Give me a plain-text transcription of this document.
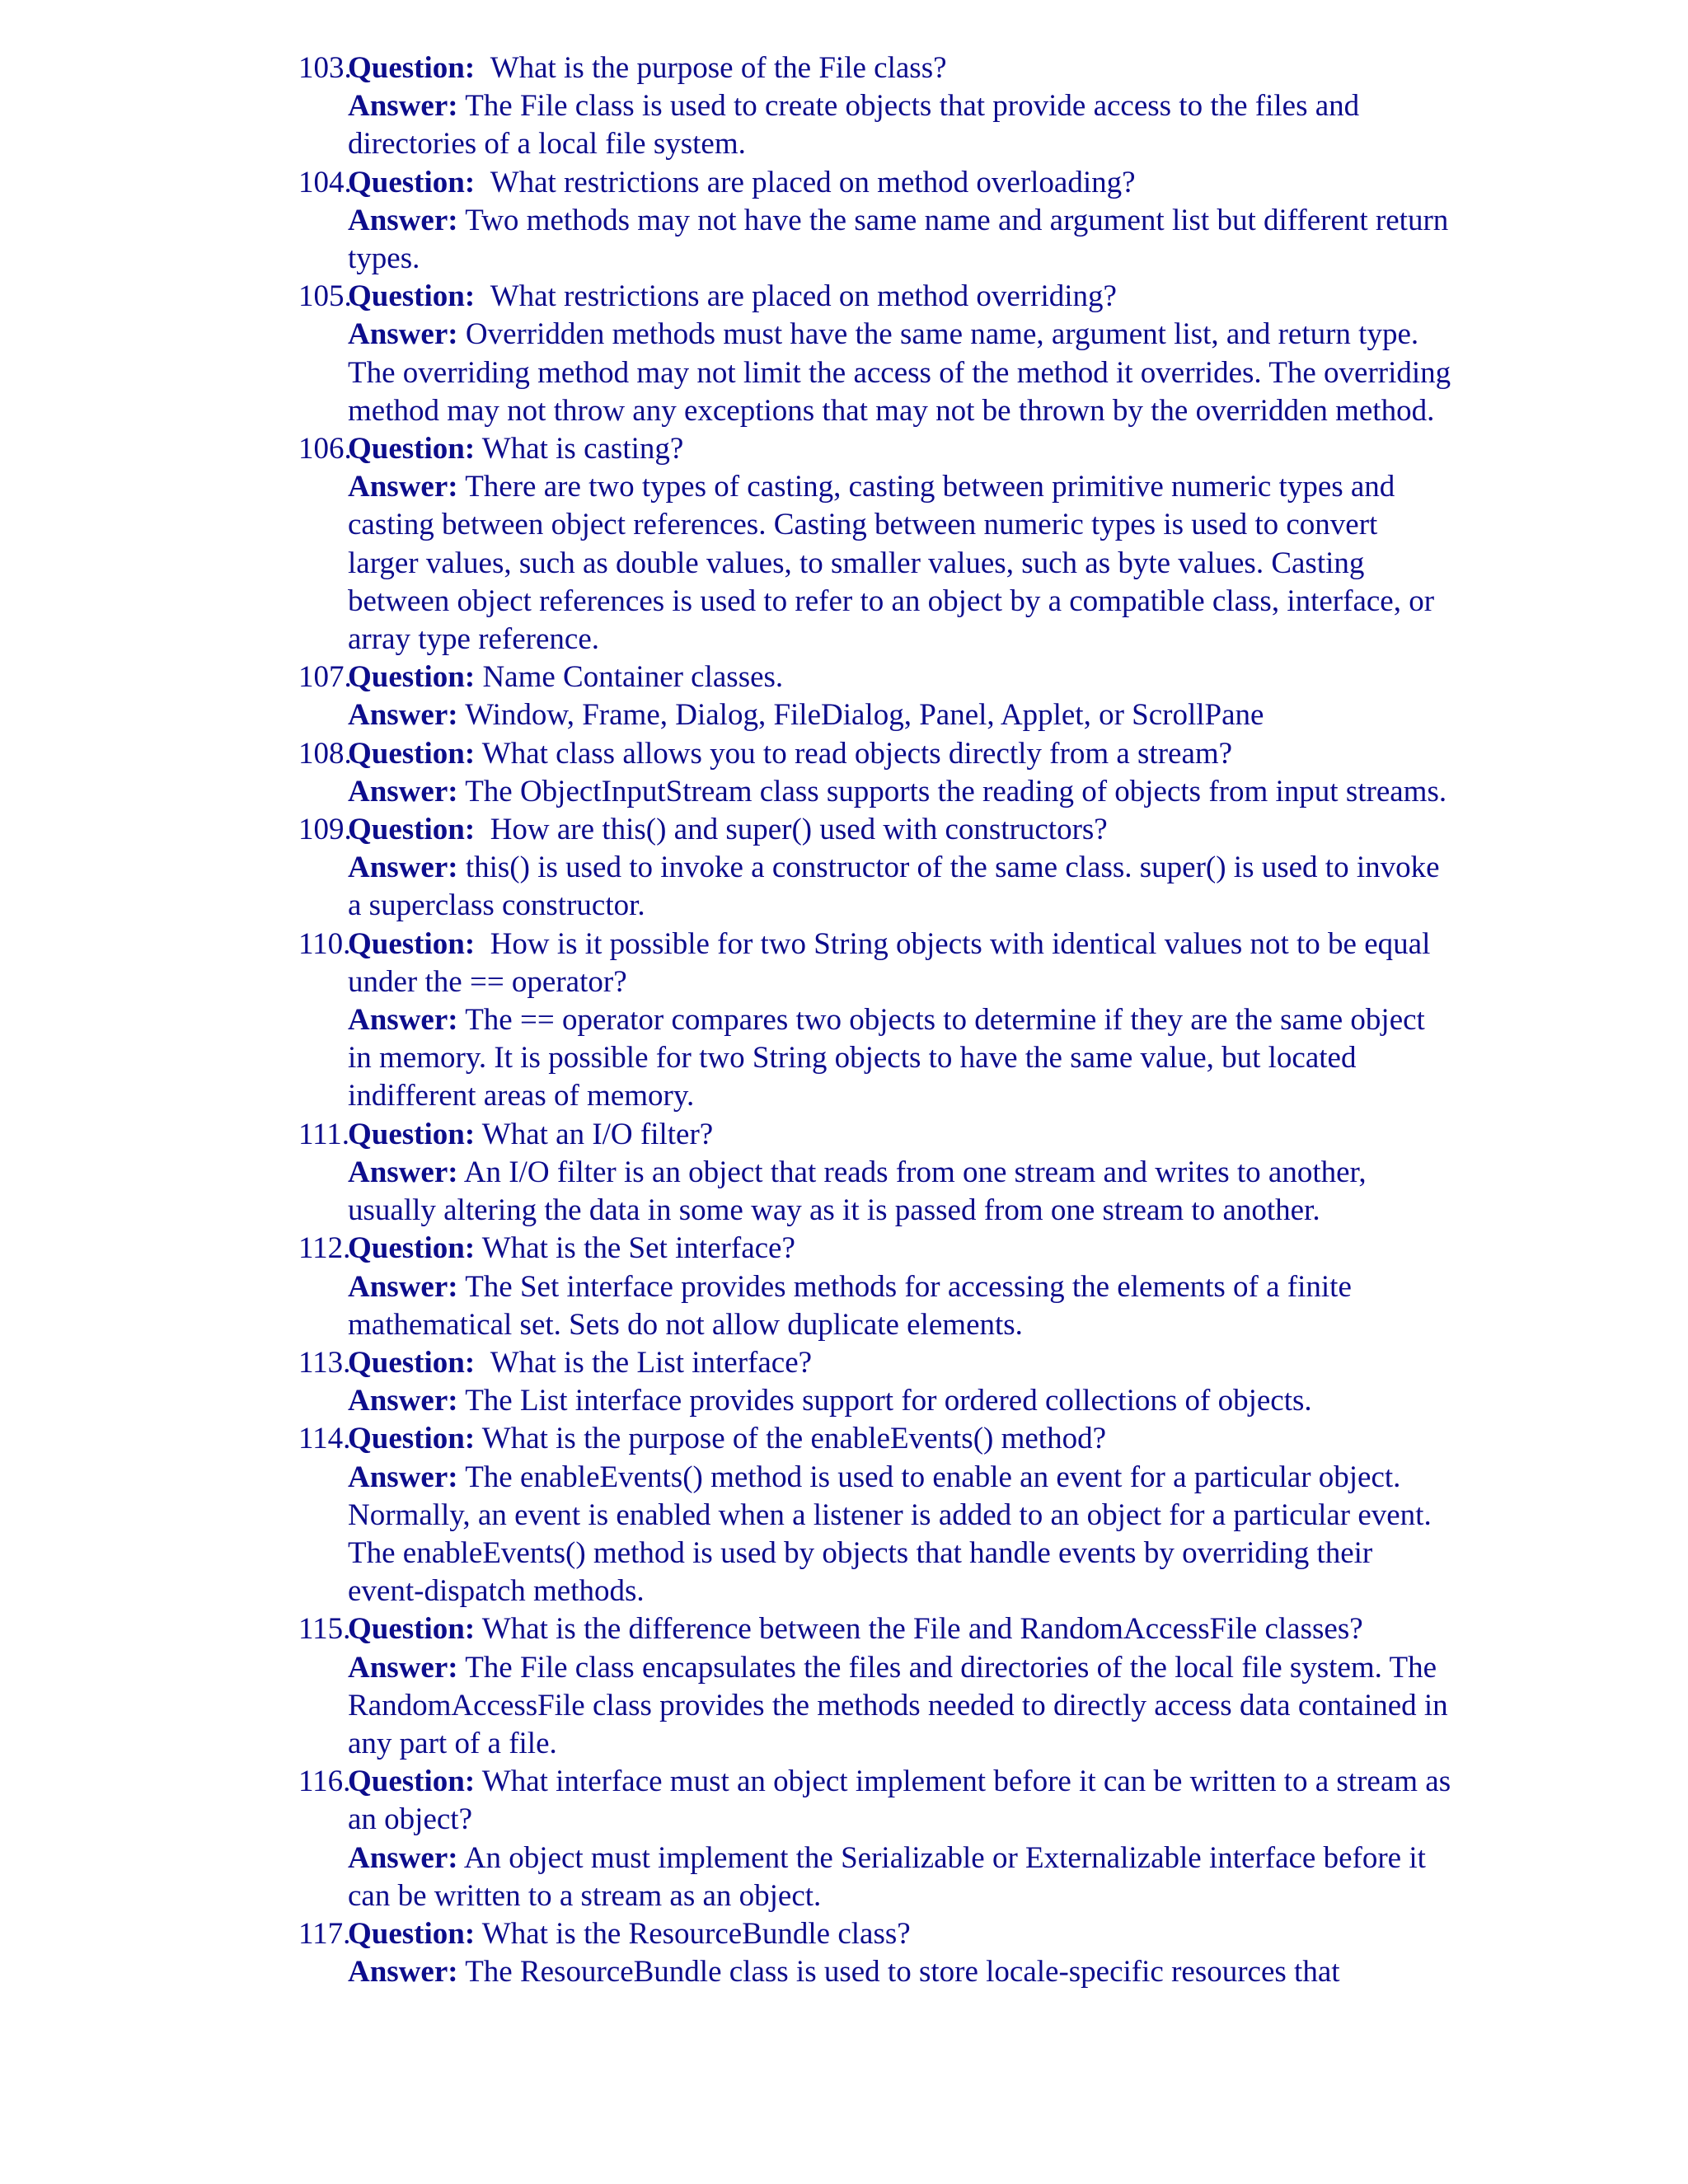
103.
Question: What is the purpose of the File class?
Answer: The File class is used to create objects that provide access to the files and directories of a local file system.
104.
Question: What restrictions are placed on method overloading?
Answer: Two methods may not have the same name and argument list but different return types.
105.
Question: What restrictions are placed on method overriding?
Answer: Overridden methods must have the same name, argument list, and return type. The overriding method may not limit the access of the method it overrides. The overriding method may not throw any exceptions that may not be thrown by the overridden method.
106.
Question: What is casting?
Answer: There are two types of casting, casting between primitive numeric types and casting between object references. Casting between numeric types is used to convert larger values, such as double values, to smaller values, such as byte values. Casting between object references is used to refer to an object by a compatible class, interface, or array type reference.
107.
Question: Name Container classes.
Answer: Window, Frame, Dialog, FileDialog, Panel, Applet, or ScrollPane
108.
Question: What class allows you to read objects directly from a stream?
Answer: The ObjectInputStream class supports the reading of objects from input streams.
109.
Question: How are this() and super() used with constructors?
Answer: this() is used to invoke a constructor of the same class. super() is used to invoke a superclass constructor.
110.
Question: How is it possible for two String objects with identical values not to be equal under the == operator?
Answer: The == operator compares two objects to determine if they are the same object in memory. It is possible for two String objects to have the same value, but located indifferent areas of memory.
111.
Question: What an I/O filter?
Answer: An I/O filter is an object that reads from one stream and writes to another, usually altering the data in some way as it is passed from one stream to another.
112.
Question: What is the Set interface?
Answer: The Set interface provides methods for accessing the elements of a finite mathematical set. Sets do not allow duplicate elements.
113.
Question: What is the List interface?
Answer: The List interface provides support for ordered collections of objects.
114.
Question: What is the purpose of the enableEvents() method?
Answer: The enableEvents() method is used to enable an event for a particular object. Normally, an event is enabled when a listener is added to an object for a particular event. The enableEvents() method is used by objects that handle events by overriding their event-dispatch methods.
115.
Question: What is the difference between the File and RandomAccessFile classes?
Answer: The File class encapsulates the files and directories of the local file system. The RandomAccessFile class provides the methods needed to directly access data contained in any part of a file.
116.
Question: What interface must an object implement before it can be written to a stream as an object?
Answer: An object must implement the Serializable or Externalizable interface before it can be written to a stream as an object.
117.
Question: What is the ResourceBundle class?
Answer: The ResourceBundle class is used to store locale-specific resources that
